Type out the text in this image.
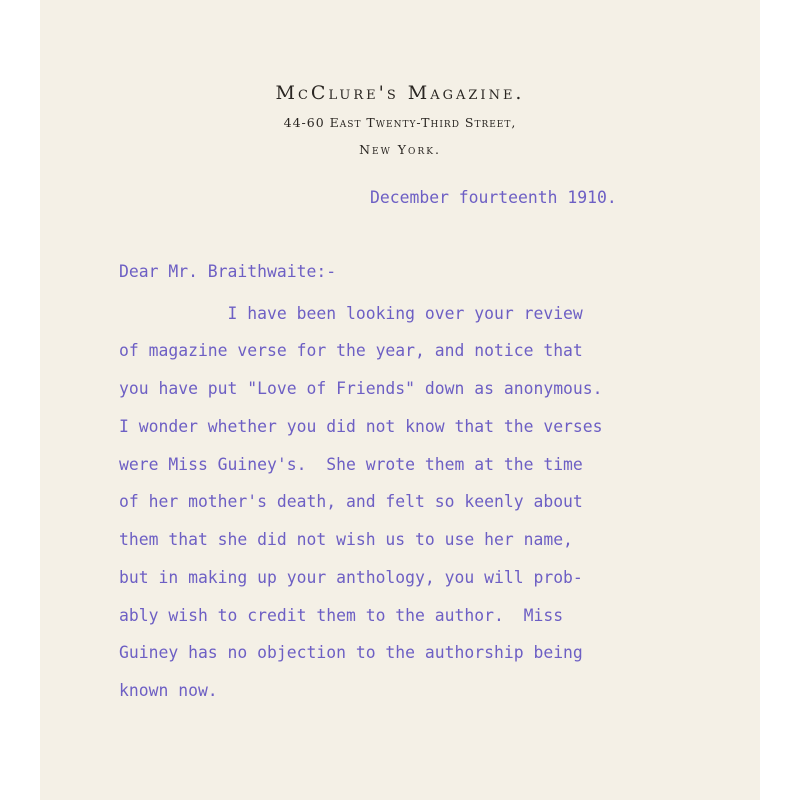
McClure's Magazine.
44-60 East Twenty-Third Street,
New York.
December fourteenth 1910.
Dear Mr. Braithwaite:-
I have been looking over your review
of magazine verse for the year, and notice that
you have put "Love of Friends" down as anonymous.
I wonder whether you did not know that the verses
were Miss Guiney's.  She wrote them at the time
of her mother's death, and felt so keenly about
them that she did not wish us to use her name,
but in making up your anthology, you will prob-
ably wish to credit them to the author.  Miss
Guiney has no objection to the authorship being
known now.
